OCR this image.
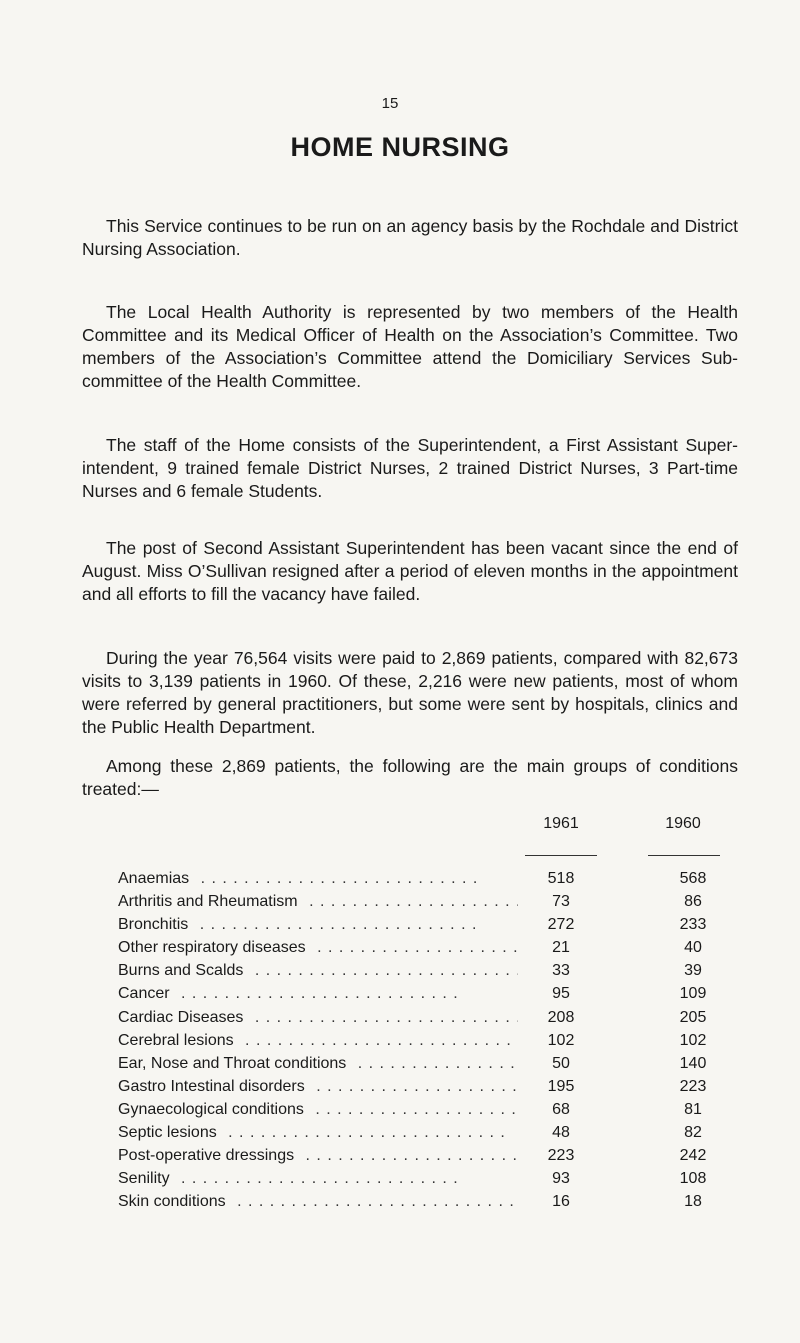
15
HOME NURSING
This Service continues to be run on an agency basis by the Rochdale and District Nursing Association.
The Local Health Authority is represented by two members of the Health Committee and its Medical Officer of Health on the Association’s Committee. Two members of the Association’s Committee attend the Domiciliary Services Sub-committee of the Health Committee.
The staff of the Home consists of the Superintendent, a First Assistant Super-intendent, 9 trained female District Nurses, 2 trained District Nurses, 3 Part-time Nurses and 6 female Students.
The post of Second Assistant Superintendent has been vacant since the end of August. Miss O’Sullivan resigned after a period of eleven months in the appointment and all efforts to fill the vacancy have failed.
During the year 76,564 visits were paid to 2,869 patients, compared with 82,673 visits to 3,139 patients in 1960. Of these, 2,216 were new patients, most of whom were referred by general practitioners, but some were sent by hospitals, clinics and the Public Health Department.
Among these 2,869 patients, the following are the main groups of conditions treated:—
1961	1960
Anaemias . .	518	568
Arthritis and Rheumatism . .	73	86
Bronchitis . .	272	233
Other respiratory diseases . .	21	40
Burns and Scalds . .	33	39
Cancer . .	95	109
Cardiac Diseases . .	208	205
Cerebral lesions . .	102	102
Ear, Nose and Throat conditions . .	50	140
Gastro Intestinal disorders . .	195	223
Gynaecological conditions . .	68	81
Septic lesions . .	48	82
Post-operative dressings . .	223	242
Senility . .	93	108
Skin conditions . .	16	18
